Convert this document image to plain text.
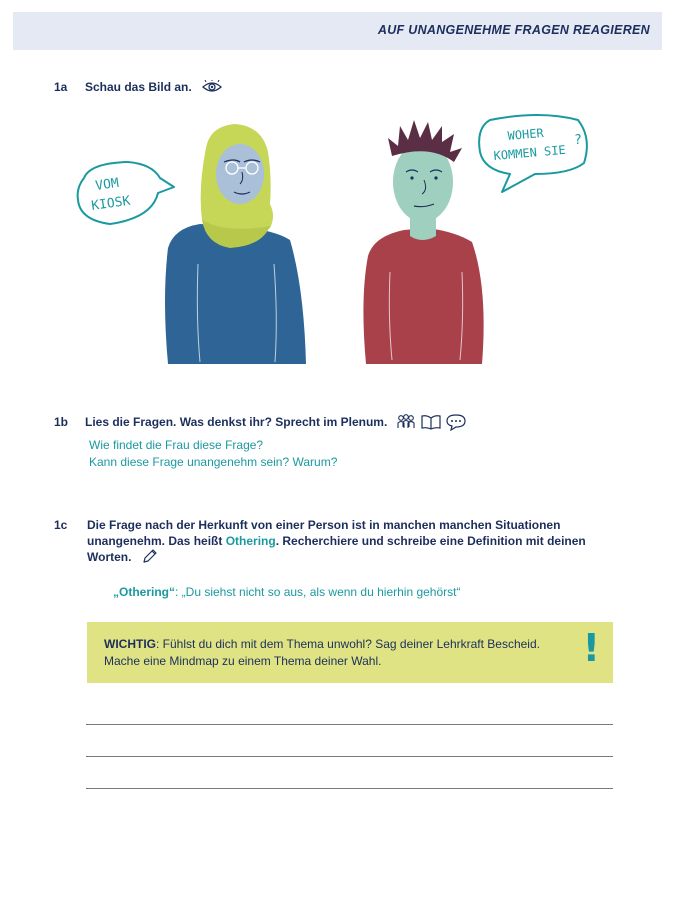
AUF UNANGENEHME FRAGEN REAGIEREN
1a Schau das Bild an.
VOM
KIOSK
WOHER
KOMMEN SIE
?
1b Lies die Fragen. Was denkst ihr? Sprecht im Plenum.
Wie findet die Frau diese Frage?
Kann diese Frage unangenehm sein? Warum?
1c Die Frage nach der Herkunft von einer Person ist in manchen manchen Situationen
unangenehm. Das heißt Othering. Recherchiere und schreibe eine Definition mit deinen
Worten.
„Othering“: „Du siehst nicht so aus, als wenn du hierhin gehörst“
WICHTIG: Fühlst du dich mit dem Thema unwohl? Sag deiner Lehrkraft Bescheid.
Mache eine Mindmap zu einem Thema deiner Wahl.	!
